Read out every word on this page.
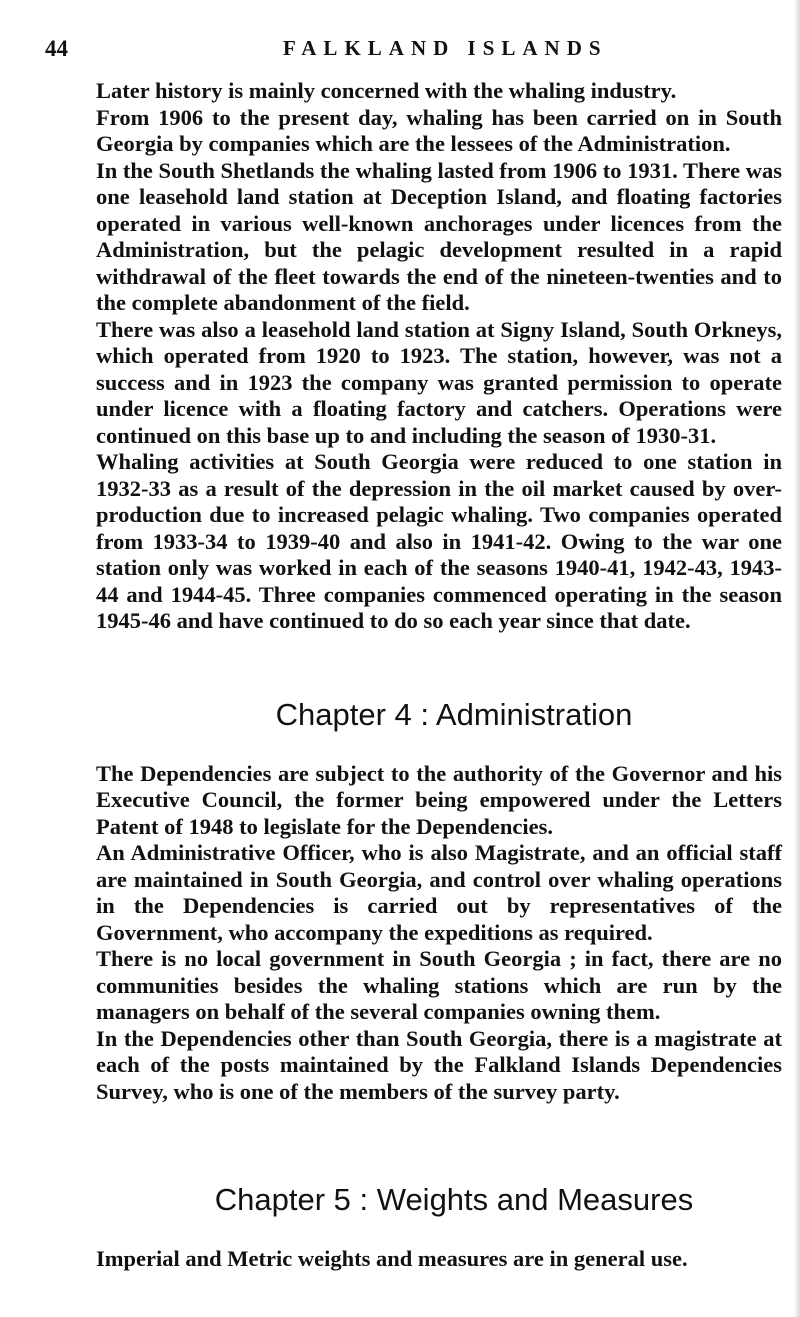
44	FALKLAND ISLANDS

Later history is mainly concerned with the whaling industry.

From 1906 to the present day, whaling has been carried on in South Georgia by companies which are the lessees of the Administration.

In the South Shetlands the whaling lasted from 1906 to 1931. There was one leasehold land station at Deception Island, and floating factories operated in various well-known anchorages under licences from the Administration, but the pelagic development resulted in a rapid withdrawal of the fleet towards the end of the nineteen-twenties and to the complete abandonment of the field.

There was also a leasehold land station at Signy Island, South Orkneys, which operated from 1920 to 1923. The station, however, was not a success and in 1923 the company was granted permission to operate under licence with a floating factory and catchers. Operations were continued on this base up to and including the season of 1930-31.

Whaling activities at South Georgia were reduced to one station in 1932-33 as a result of the depression in the oil market caused by over-production due to increased pelagic whaling. Two companies operated from 1933-34 to 1939-40 and also in 1941-42. Owing to the war one station only was worked in each of the seasons 1940-41, 1942-43, 1943-44 and 1944-45. Three companies commenced operating in the season 1945-46 and have continued to do so each year since that date.

Chapter 4 : Administration

The Dependencies are subject to the authority of the Governor and his Executive Council, the former being empowered under the Letters Patent of 1948 to legislate for the Dependencies.

An Administrative Officer, who is also Magistrate, and an official staff are maintained in South Georgia, and control over whaling operations in the Dependencies is carried out by representatives of the Government, who accompany the expeditions as required.

There is no local government in South Georgia ; in fact, there are no communities besides the whaling stations which are run by the managers on behalf of the several companies owning them.

In the Dependencies other than South Georgia, there is a magistrate at each of the posts maintained by the Falkland Islands Dependencies Survey, who is one of the members of the survey party.

Chapter 5 : Weights and Measures

Imperial and Metric weights and measures are in general use.
